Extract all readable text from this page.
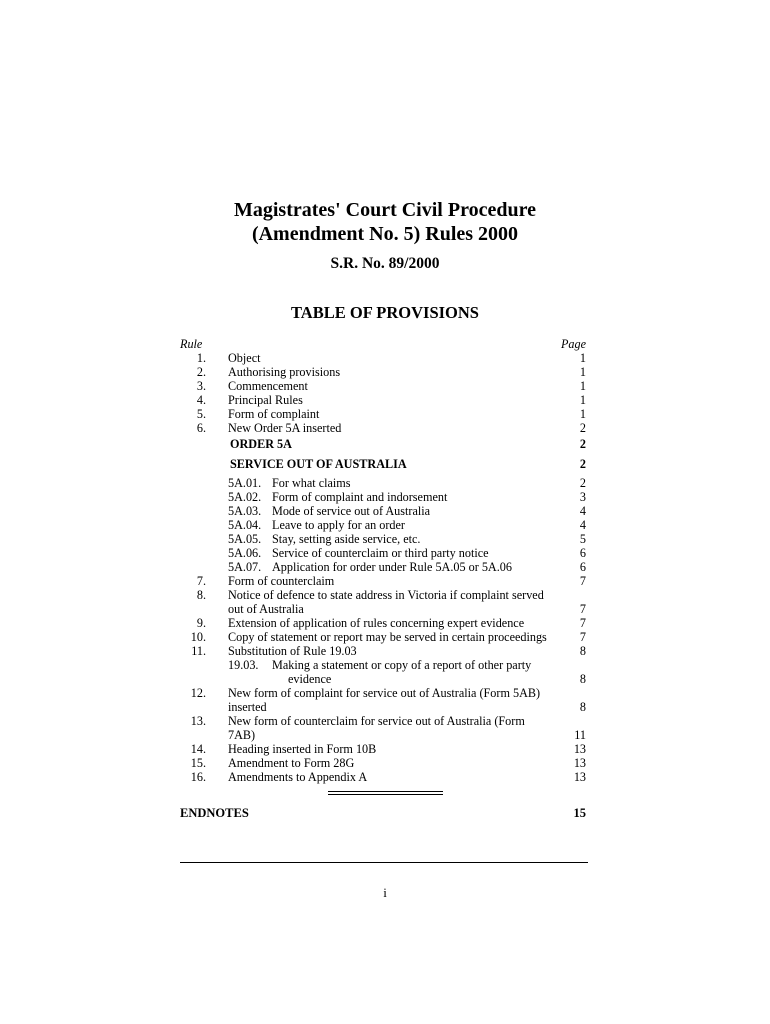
Magistrates' Court Civil Procedure
(Amendment No. 5) Rules 2000
S.R. No. 89/2000
TABLE OF PROVISIONS
Rule	Page
1. Object	1
2. Authorising provisions	1
3. Commencement	1
4. Principal Rules	1
5. Form of complaint	1
6. New Order 5A inserted	2
ORDER 5A	2
SERVICE OUT OF AUSTRALIA	2
5A.01. For what claims	2
5A.02. Form of complaint and indorsement	3
5A.03. Mode of service out of Australia	4
5A.04. Leave to apply for an order	4
5A.05. Stay, setting aside service, etc.	5
5A.06. Service of counterclaim or third party notice	6
5A.07. Application for order under Rule 5A.05 or 5A.06	6
7. Form of counterclaim	7
8. Notice of defence to state address in Victoria if complaint served
out of Australia	7
9. Extension of application of rules concerning expert evidence	7
10. Copy of statement or report may be served in certain proceedings	7
11. Substitution of Rule 19.03	8
19.03. Making a statement or copy of a report of other party
evidence	8
12. New form of complaint for service out of Australia (Form 5AB)
inserted	8
13. New form of counterclaim for service out of Australia (Form
7AB)	11
14. Heading inserted in Form 10B	13
15. Amendment to Form 28G	13
16. Amendments to Appendix A	13
ENDNOTES	15
i
